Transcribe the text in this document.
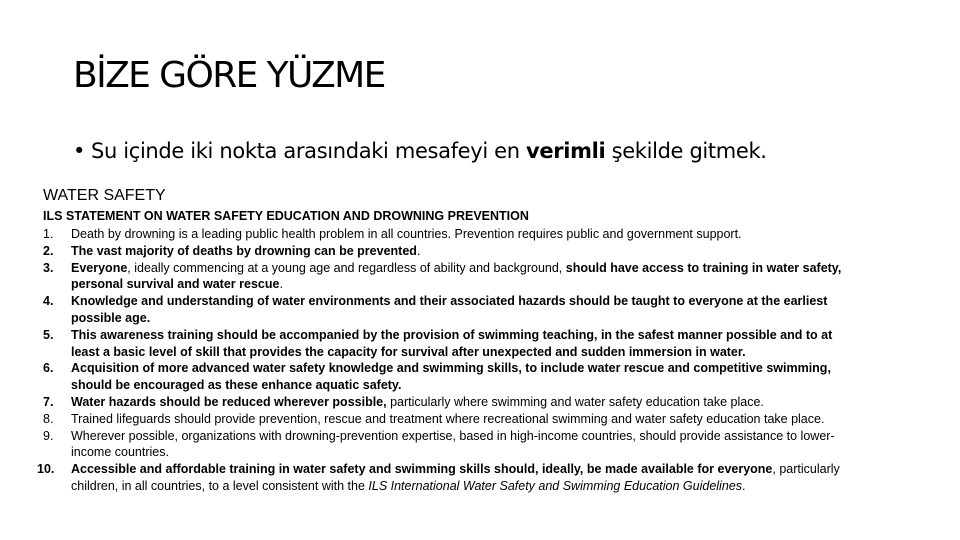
BİZE GÖRE YÜZME
• Su içinde iki nokta arasındaki mesafeyi en verimli şekilde gitmek.
WATER SAFETY
ILS STATEMENT ON WATER SAFETY EDUCATION AND DROWNING PREVENTION
1. Death by drowning is a leading public health problem in all countries. Prevention requires public and government support.
2. The vast majority of deaths by drowning can be prevented.
3. Everyone, ideally commencing at a young age and regardless of ability and background, should have access to training in water safety, personal survival and water rescue.
4. Knowledge and understanding of water environments and their associated hazards should be taught to everyone at the earliest possible age.
5. This awareness training should be accompanied by the provision of swimming teaching, in the safest manner possible and to at least a basic level of skill that provides the capacity for survival after unexpected and sudden immersion in water.
6. Acquisition of more advanced water safety knowledge and swimming skills, to include water rescue and competitive swimming, should be encouraged as these enhance aquatic safety.
7. Water hazards should be reduced wherever possible, particularly where swimming and water safety education take place.
8. Trained lifeguards should provide prevention, rescue and treatment where recreational swimming and water safety education take place.
9. Wherever possible, organizations with drowning-prevention expertise, based in high-income countries, should provide assistance to lower-income countries.
10. Accessible and affordable training in water safety and swimming skills should, ideally, be made available for everyone, particularly children, in all countries, to a level consistent with the ILS International Water Safety and Swimming Education Guidelines.
